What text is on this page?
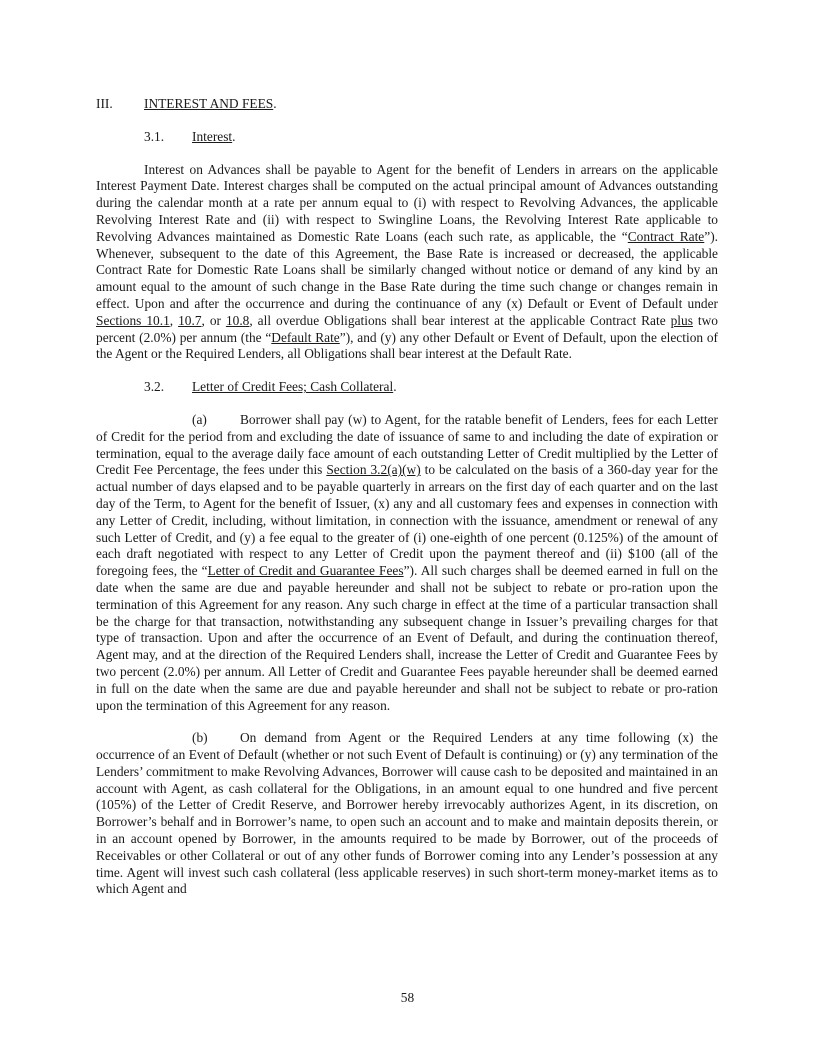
III.	INTEREST AND FEES.
3.1.	Interest.

Interest on Advances shall be payable to Agent for the benefit of Lenders in arrears on the applicable Interest Payment Date. Interest charges shall be computed on the actual principal amount of Advances outstanding during the calendar month at a rate per annum equal to (i) with respect to Revolving Advances, the applicable Revolving Interest Rate and (ii) with respect to Swingline Loans, the Revolving Interest Rate applicable to Revolving Advances maintained as Domestic Rate Loans (each such rate, as applicable, the “Contract Rate”). Whenever, subsequent to the date of this Agreement, the Base Rate is increased or decreased, the applicable Contract Rate for Domestic Rate Loans shall be similarly changed without notice or demand of any kind by an amount equal to the amount of such change in the Base Rate during the time such change or changes remain in effect. Upon and after the occurrence and during the continuance of any (x) Default or Event of Default under Sections 10.1, 10.7, or 10.8, all overdue Obligations shall bear interest at the applicable Contract Rate plus two percent (2.0%) per annum (the “Default Rate”), and (y) any other Default or Event of Default, upon the election of the Agent or the Required Lenders, all Obligations shall bear interest at the Default Rate.

3.2.	Letter of Credit Fees; Cash Collateral.

(a) Borrower shall pay (w) to Agent, for the ratable benefit of Lenders, fees for each Letter of Credit for the period from and excluding the date of issuance of same to and including the date of expiration or termination, equal to the average daily face amount of each outstanding Letter of Credit multiplied by the Letter of Credit Fee Percentage, the fees under this Section 3.2(a)(w) to be calculated on the basis of a 360-day year for the actual number of days elapsed and to be payable quarterly in arrears on the first day of each quarter and on the last day of the Term, to Agent for the benefit of Issuer, (x) any and all customary fees and expenses in connection with any Letter of Credit, including, without limitation, in connection with the issuance, amendment or renewal of any such Letter of Credit, and (y) a fee equal to the greater of (i) one-eighth of one percent (0.125%) of the amount of each draft negotiated with respect to any Letter of Credit upon the payment thereof and (ii) $100 (all of the foregoing fees, the “Letter of Credit and Guarantee Fees”). All such charges shall be deemed earned in full on the date when the same are due and payable hereunder and shall not be subject to rebate or pro-ration upon the termination of this Agreement for any reason. Any such charge in effect at the time of a particular transaction shall be the charge for that transaction, notwithstanding any subsequent change in Issuer’s prevailing charges for that type of transaction. Upon and after the occurrence of an Event of Default, and during the continuation thereof, Agent may, and at the direction of the Required Lenders shall, increase the Letter of Credit and Guarantee Fees by two percent (2.0%) per annum. All Letter of Credit and Guarantee Fees payable hereunder shall be deemed earned in full on the date when the same are due and payable hereunder and shall not be subject to rebate or pro-ration upon the termination of this Agreement for any reason.

(b) On demand from Agent or the Required Lenders at any time following (x) the occurrence of an Event of Default (whether or not such Event of Default is continuing) or (y) any termination of the Lenders’ commitment to make Revolving Advances, Borrower will cause cash to be deposited and maintained in an account with Agent, as cash collateral for the Obligations, in an amount equal to one hundred and five percent (105%) of the Letter of Credit Reserve, and Borrower hereby irrevocably authorizes Agent, in its discretion, on Borrower’s behalf and in Borrower’s name, to open such an account and to make and maintain deposits therein, or in an account opened by Borrower, in the amounts required to be made by Borrower, out of the proceeds of Receivables or other Collateral or out of any other funds of Borrower coming into any Lender’s possession at any time. Agent will invest such cash collateral (less applicable reserves) in such short-term money-market items as to which Agent and

58
